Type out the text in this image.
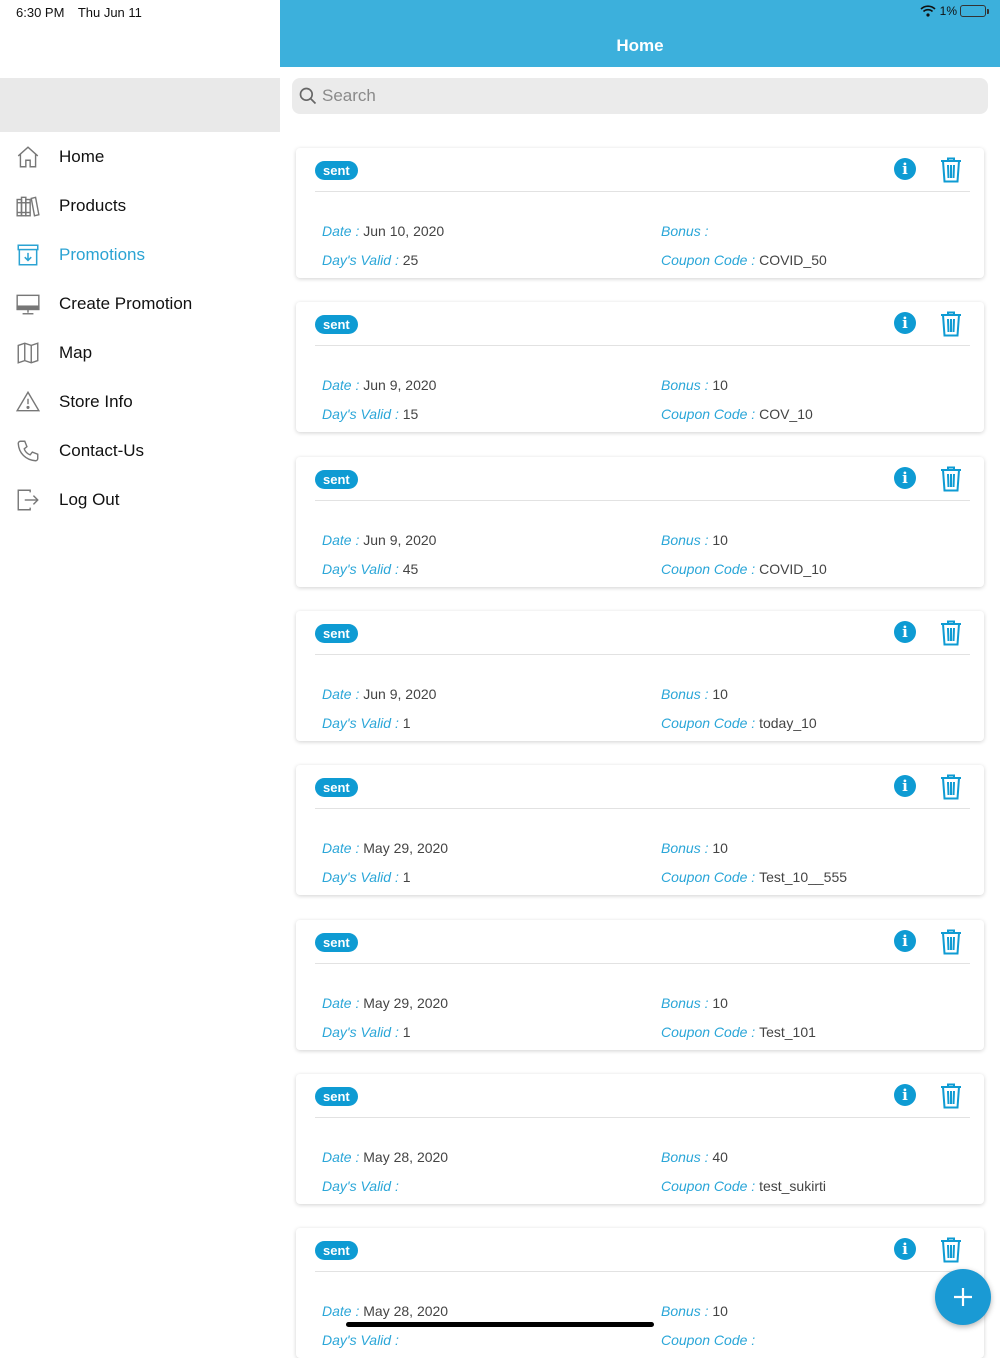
6:30 PM Thu Jun 11
Home
Products
Promotions
Create Promotion
Map
Store Info
Contact-Us
Log Out
1%
Home
Search
sent	i
Date : Jun 10, 2020
Day's Valid : 25
Bonus :
Coupon Code : COVID_50
sent	i
Date : Jun 9, 2020
Day's Valid : 15
Bonus : 10
Coupon Code : COV_10
sent	i
Date : Jun 9, 2020
Day's Valid : 45
Bonus : 10
Coupon Code : COVID_10
sent	i
Date : Jun 9, 2020
Day's Valid : 1
Bonus : 10
Coupon Code : today_10
sent	i
Date : May 29, 2020
Day's Valid : 1
Bonus : 10
Coupon Code : Test_10__555
sent	i
Date : May 29, 2020
Day's Valid : 1
Bonus : 10
Coupon Code : Test_101
sent	i
Date : May 28, 2020
Day's Valid :
Bonus : 40
Coupon Code : test_sukirti
sent	i
Date : May 28, 2020
Day's Valid :
Bonus : 10
Coupon Code :
